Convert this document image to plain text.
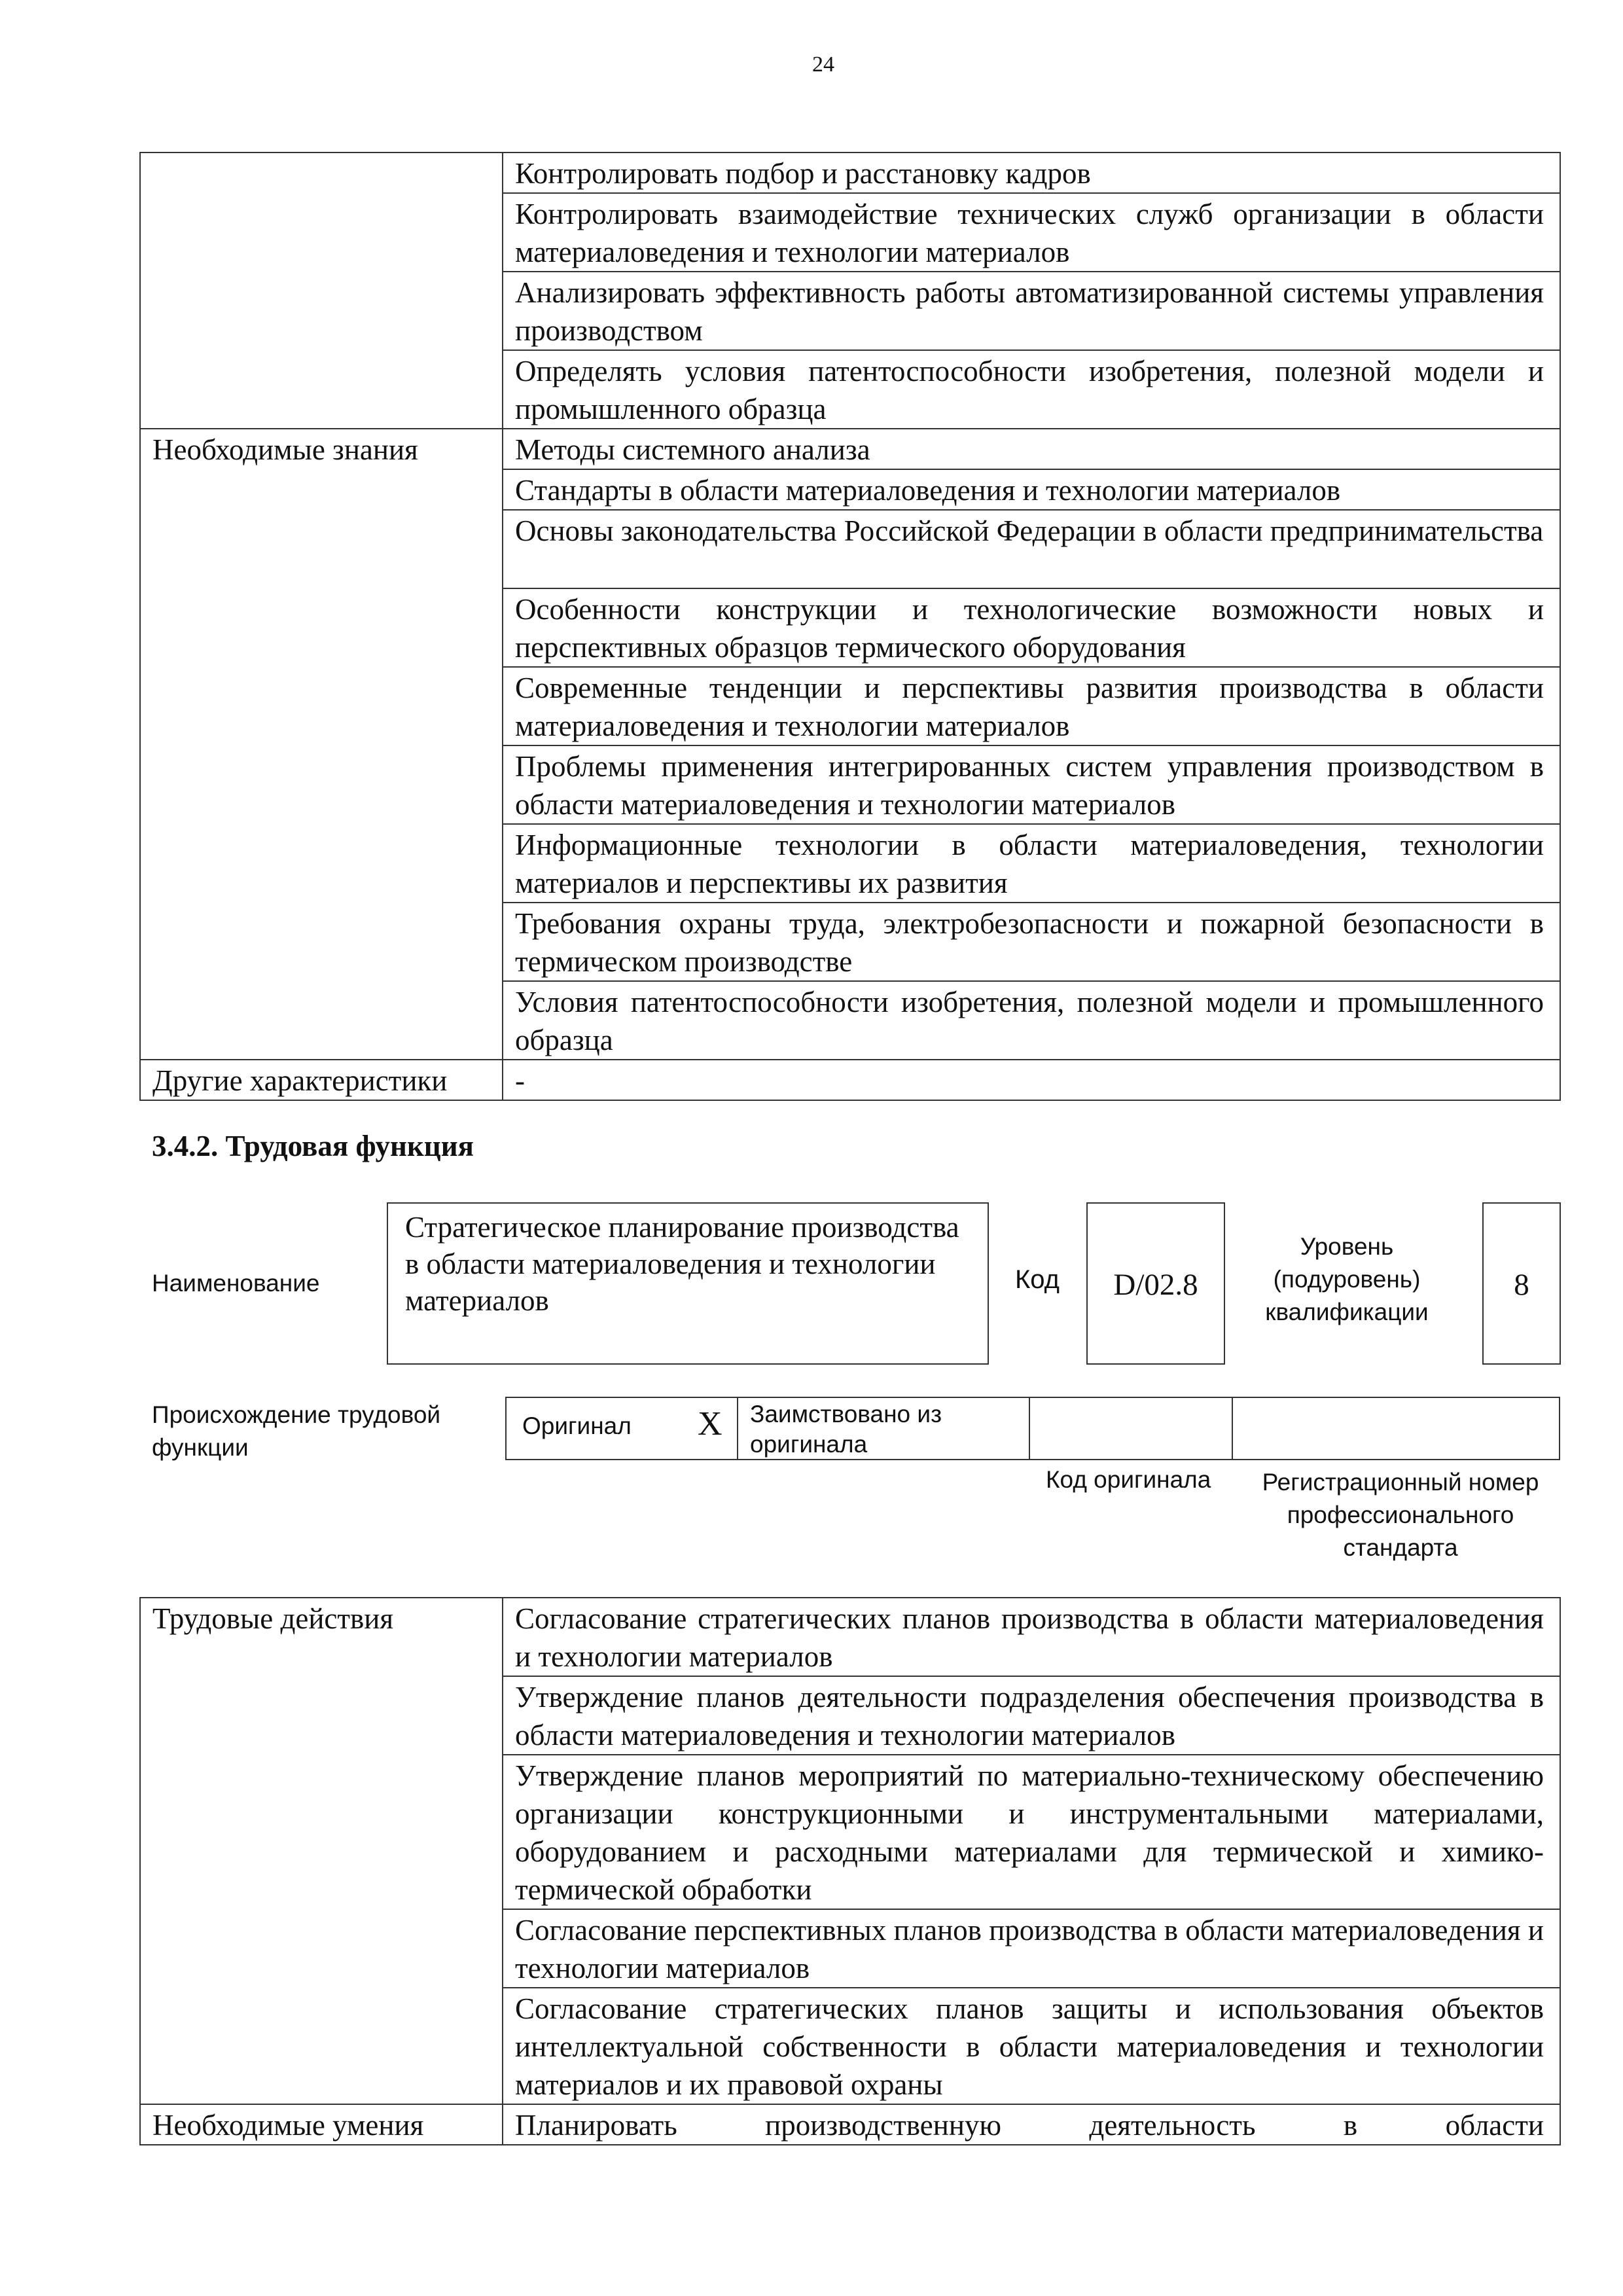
24
	Контролировать подбор и расстановку кадров
	Контролировать взаимодействие технических служб организации в области материаловедения и технологии материалов
	Анализировать эффективность работы автоматизированной системы управления производством
	Определять условия патентоспособности изобретения, полезной модели и промышленного образца
Необходимые знания	Методы системного анализа
	Стандарты в области материаловедения и технологии материалов
	Основы законодательства Российской Федерации в области предпринимательства
	Особенности конструкции и технологические возможности новых и перспективных образцов термического оборудования
	Современные тенденции и перспективы развития производства в области материаловедения и технологии материалов
	Проблемы применения интегрированных систем управления производством в области материаловедения и технологии материалов
	Информационные технологии в области материаловедения, технологии материалов и перспективы их развития
	Требования охраны труда, электробезопасности и пожарной безопасности в термическом производстве
	Условия патентоспособности изобретения, полезной модели и промышленного образца
Другие характеристики	-
3.4.2. Трудовая функция
Наименование
Стратегическое планирование производства в области материаловедения и технологии материалов
Код	D/02.8
Уровень (подуровень) квалификации
8
Происхождение трудовой функции
Оригинал X Заимствовано из оригинала
Код оригинала	Регистрационный номер профессионального стандарта
Трудовые действия	Согласование стратегических планов производства в области материаловедения и технологии материалов
	Утверждение планов деятельности подразделения обеспечения производства в области материаловедения и технологии материалов
	Утверждение планов мероприятий по материально-техническому обеспечению организации конструкционными и инструментальными материалами, оборудованием и расходными материалами для термической и химико-термической обработки
	Согласование перспективных планов производства в области материаловедения и технологии материалов
	Согласование стратегических планов защиты и использования объектов интеллектуальной собственности в области материаловедения и технологии материалов и их правовой охраны
Необходимые умения	Планировать производственную деятельность в области
